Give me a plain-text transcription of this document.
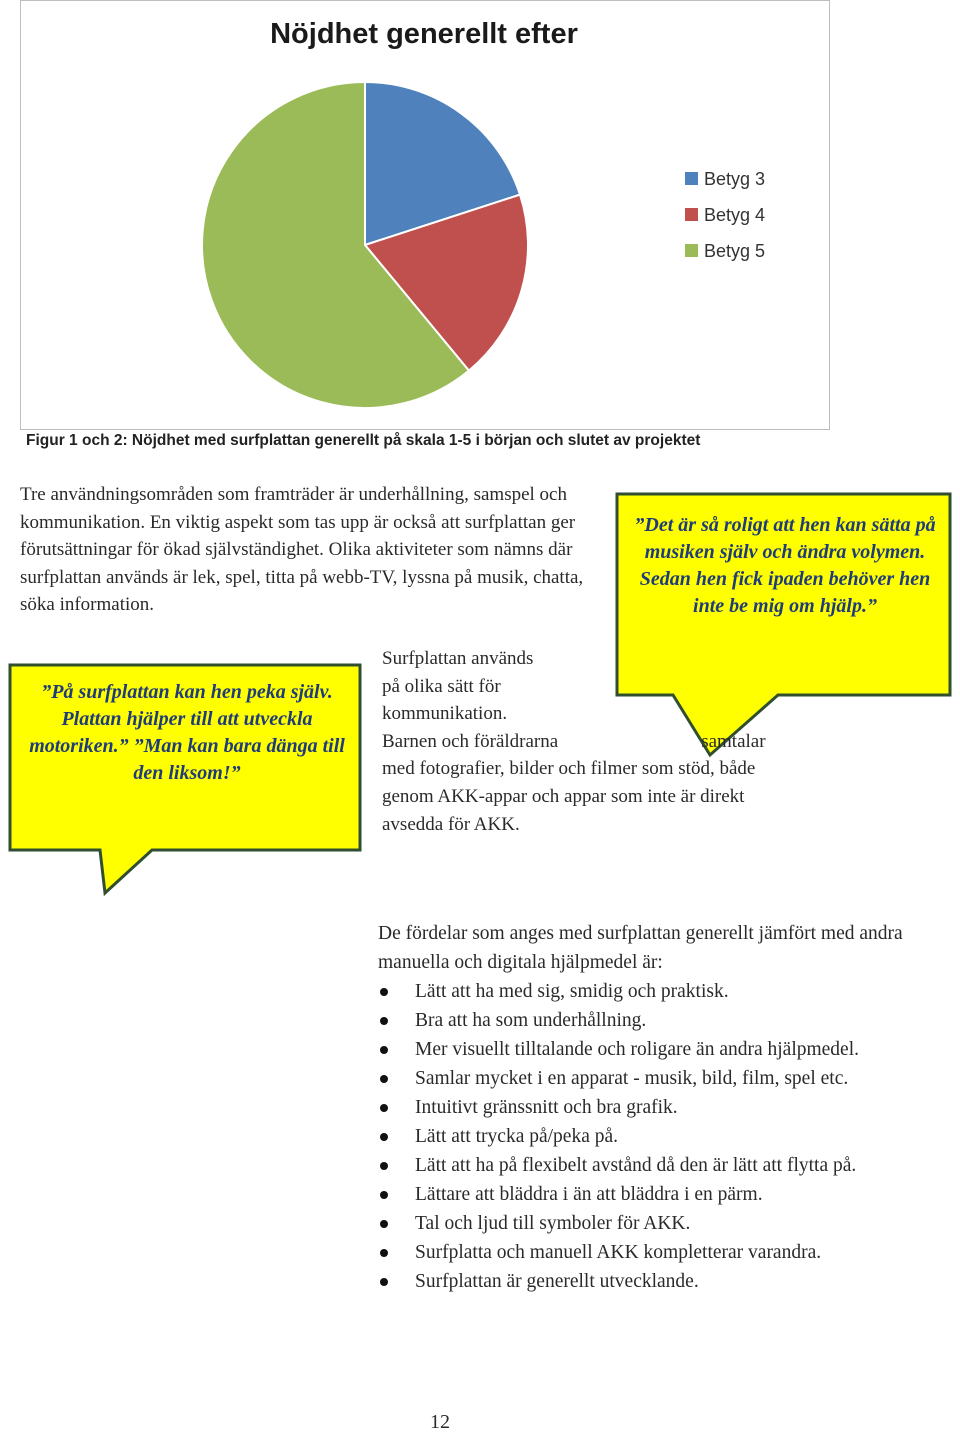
Nöjdhet generellt efter
Betyg 3
Betyg 4
Betyg 5
Figur 1 och 2: Nöjdhet med surfplattan generellt på skala 1-5 i början och slutet av projektet

Tre användningsområden som framträder är underhållning, samspel och kommunikation. En viktig aspekt som tas upp är också att surfplattan ger förutsättningar för ökad självständighet. Olika aktiviteter som nämns där surfplattan används är lek, spel, titta på webb-TV, lyssna på musik, chatta, söka information.

”På surfplattan kan hen peka själv. Plattan hjälper till att utveckla motoriken.” ”Man kan bara dänga till den liksom!”
”Det är så roligt att hen kan sätta på musiken själv och ändra volymen. Sedan hen fick ipaden behöver hen inte be mig om hjälp.”
Surfplattan används
på olika sätt för
kommunikation.
Barnen och föräldrarna	samtalar
med fotografier, bilder och filmer som stöd, både
genom AKK-appar och appar som inte är direkt
avsedda för AKK.
De fördelar som anges med surfplattan generellt jämfört med andra manuella och digitala hjälpmedel är:
Lätt att ha med sig, smidig och praktisk.
Bra att ha som underhållning.
Mer visuellt tilltalande och roligare än andra hjälpmedel.
Samlar mycket i en apparat - musik, bild, film, spel etc.
Intuitivt gränssnitt och bra grafik.
Lätt att trycka på/peka på.
Lätt att ha på flexibelt avstånd då den är lätt att flytta på.
Lättare att bläddra i än att bläddra i en pärm.
Tal och ljud till symboler för AKK.
Surfplatta och manuell AKK kompletterar varandra.
Surfplattan är generellt utvecklande.
12
